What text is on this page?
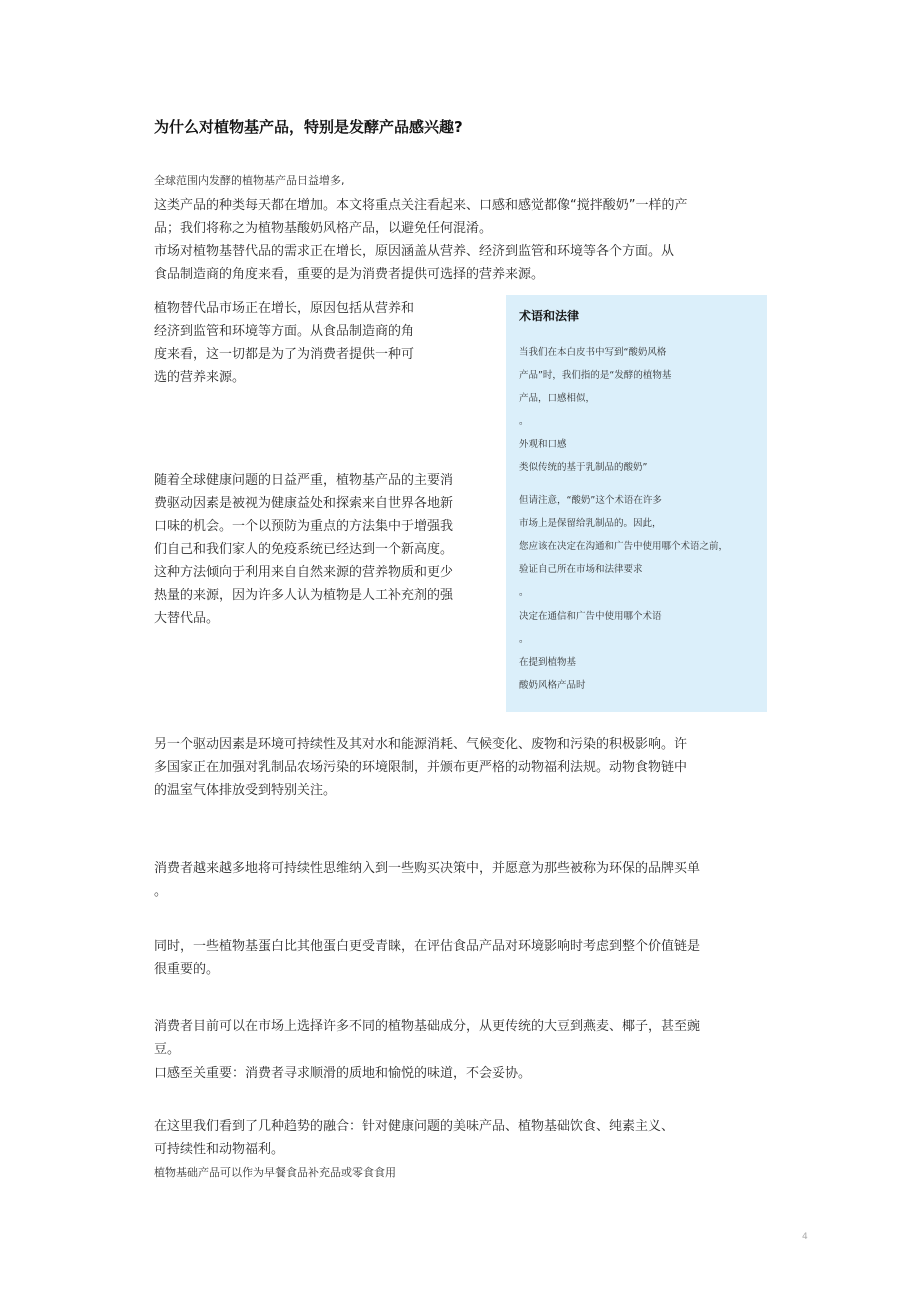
为什么对植物基产品，特别是发酵产品感兴趣?
全球范围内发酵的植物基产品日益增多,
这类产品的种类每天都在增加。本文将重点关注看起来、口感和感觉都像“搅拌酸奶”一样的产
品；我们将称之为植物基酸奶风格产品，以避免任何混淆。
市场对植物基替代品的需求正在增长，原因涵盖从营养、经济到监管和环境等各个方面。从
食品制造商的角度来看，重要的是为消费者提供可选择的营养来源。
植物替代品市场正在增长，原因包括从营养和
经济到监管和环境等方面。从食品制造商的角
度来看，这一切都是为了为消费者提供一种可
选的营养来源。
随着全球健康问题的日益严重，植物基产品的主要消
费驱动因素是被视为健康益处和探索来自世界各地新
口味的机会。一个以预防为重点的方法集中于增强我
们自己和我们家人的免疫系统已经达到一个新高度。
这种方法倾向于利用来自自然来源的营养物质和更少
热量的来源，因为许多人认为植物是人工补充剂的强
大替代品。
术语和法律
当我们在本白皮书中写到“酸奶风格
产品”时，我们指的是“发酵的植物基
产品，口感相似，
。
外观和口感
类似传统的基于乳制品的酸奶”
但请注意，“酸奶”这个术语在许多
市场上是保留给乳制品的。因此，
您应该在决定在沟通和广告中使用哪个术语之前，
验证自己所在市场和法律要求
。
决定在通信和广告中使用哪个术语
。
在提到植物基
酸奶风格产品时
另一个驱动因素是环境可持续性及其对水和能源消耗、气候变化、废物和污染的积极影响。许
多国家正在加强对乳制品农场污染的环境限制，并颁布更严格的动物福利法规。动物食物链中
的温室气体排放受到特别关注。
消费者越来越多地将可持续性思维纳入到一些购买决策中，并愿意为那些被称为环保的品牌买单
。
同时，一些植物基蛋白比其他蛋白更受青睐，在评估食品产品对环境影响时考虑到整个价值链是
很重要的。
消费者目前可以在市场上选择许多不同的植物基础成分，从更传统的大豆到燕麦、椰子，甚至豌
豆。
口感至关重要：消费者寻求顺滑的质地和愉悦的味道，不会妥协。
在这里我们看到了几种趋势的融合：针对健康问题的美味产品、植物基础饮食、纯素主义、
可持续性和动物福利。
植物基础产品可以作为早餐食品补充品或零食食用
4
